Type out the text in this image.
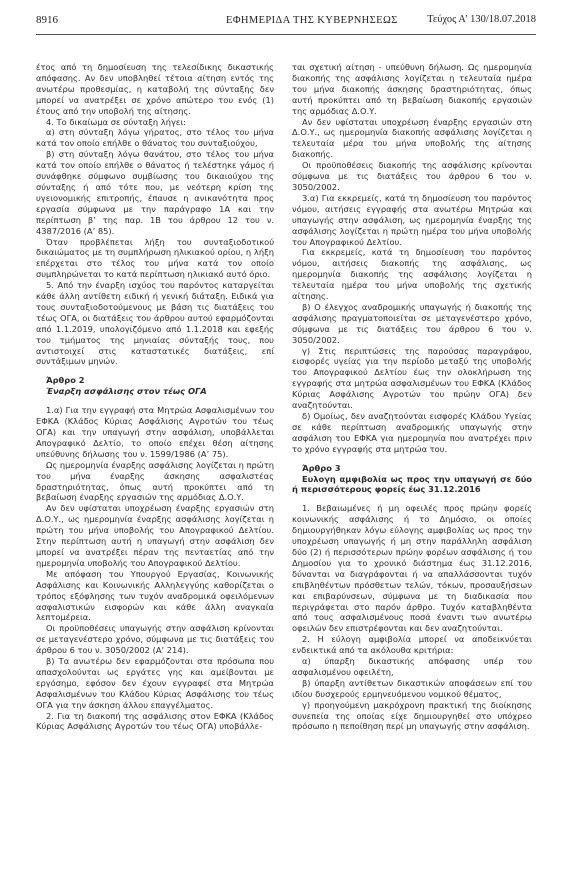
8916	ΕΦΗΜΕΡΙΔΑ ΤΗΣ ΚΥΒΕΡΝΗΣΕΩΣ	Τεύχος Α’ 130/18.07.2018

έτος από τη δημοσίευση της τελεσίδικης δικαστικής απόφασης. Αν δεν υποβληθεί τέτοια αίτηση εντός της ανωτέρω προθεσμίας, η καταβολή της σύνταξης δεν μπορεί να ανατρέξει σε χρόνο απώτερο του ενός (1) έτους από την υποβολή της αίτησης.

4. Το δικαίωμα σε σύνταξη λήγει:

α) στη σύνταξη λόγω γήρατος, στο τέλος του μήνα κατά τον οποίο επήλθε ο θάνατος του συνταξιούχου,

β) στη σύνταξη λόγω θανάτου, στο τέλος του μήνα κατά τον οποίο επήλθε ο θάνατος ή τελέστηκε γάμος ή συνάφθηκε σύμφωνο συμβίωσης του δικαιούχου της σύνταξης ή από τότε που, με νεότερη κρίση της υγειονομικής επιτροπής, έπαυσε η ανικανότητα προς εργασία σύμφωνα με την παράγραφο 1Α και την περίπτωση β’ της παρ. 1Β του άρθρου 12 του ν. 4387/2016 (Α’ 85).

Όταν προβλέπεται λήξη του συνταξιοδοτικού δικαιώματος με τη συμπλήρωση ηλικιακού ορίου, η λήξη επέρχεται στο τέλος του μήνα κατά τον οποίο συμπληρώνεται το κατά περίπτωση ηλικιακό αυτό όριο.

5. Από την έναρξη ισχύος του παρόντος καταργείται κάθε άλλη αντίθετη ειδική ή γενική διάταξη. Ειδικά για τους συνταξιοδοτούμενους με βάση τις διατάξεις του τέως ΟΓΑ, οι διατάξεις του άρθρου αυτού εφαρμόζονται από 1.1.2019, υπολογιζόμενο από 1.1.2018 και εφεξής του τμήματος της μηνιαίας σύνταξής τους, που αντιστοιχεί στις καταστατικές διατάξεις, επί συντάξιμων μηνών.

Άρθρο 2

Έναρξη ασφάλισης στον τέως ΟΓΑ

1.α) Για την εγγραφή στα Μητρώα Ασφαλισμένων του ΕΦΚΑ (Κλάδος Κύριας Ασφάλισης Αγροτών του τέως ΟΓΑ) και την υπαγωγή στην ασφάλιση, υποβάλλεται Απογραφικό Δελτίο, το οποίο επέχει θέση αίτησης υπεύθυνης δήλωσης του ν. 1599/1986 (Α’ 75).

Ως ημερομηνία έναρξης ασφάλισης λογίζεται η πρώτη του μήνα έναρξης άσκησης ασφαλιστέας δραστηριότητας, όπως αυτή προκύπτει από τη βεβαίωση έναρξης εργασιών της αρμόδιας Δ.Ο.Υ.

Αν δεν υφίσταται υποχρέωση έναρξης εργασιών στη Δ.Ο.Υ., ως ημερομηνία έναρξης ασφάλισης λογίζεται η πρώτη του μήνα υποβολής του Απογραφικού Δελτίου. Στην περίπτωση αυτή η υπαγωγή στην ασφάλιση δεν μπορεί να ανατρέξει πέραν της πενταετίας από την ημερομηνία υποβολής του Απογραφικού Δελτίου.

Με απόφαση του Υπουργού Εργασίας, Κοινωνικής Ασφάλισης και Κοινωνικής Αλληλεγγύης καθορίζεται ο τρόπος εξόφλησης των τυχόν αναδρομικά οφειλόμενων ασφαλιστικών εισφορών και κάθε άλλη αναγκαία λεπτομέρεια.

Οι προϋποθέσεις υπαγωγής στην ασφάλιση κρίνονται σε μεταγενέστερο χρόνο, σύμφωνα με τις διατάξεις του άρθρου 6 του ν. 3050/2002 (Α’ 214).

β) Τα ανωτέρω δεν εφαρμόζονται στα πρόσωπα που απασχολούνται ως εργάτες γης και αμείβονται με εργόσημο, εφόσον δεν έχουν εγγραφεί στα Μητρώα Ασφαλισμένων του Κλάδου Κύριας Ασφάλισης του τέως ΟΓΑ για την άσκηση άλλου επαγγέλματος.

2. Για τη διακοπή της ασφάλισης στον ΕΦΚΑ (Κλάδος Κύριας Ασφάλισης Αγροτών του τέως ΟΓΑ) υποβάλλε-

ται σχετική αίτηση - υπεύθυνη δήλωση. Ως ημερομηνία διακοπής της ασφάλισης λογίζεται η τελευταία ημέρα του μήνα διακοπής άσκησης δραστηριότητας, όπως αυτή προκύπτει από τη βεβαίωση διακοπής εργασιών της αρμόδιας Δ.Ο.Υ.

Αν δεν υφίσταται υποχρέωση έναρξης εργασιών στη Δ.Ο.Υ., ως ημερομηνία διακοπής ασφάλισης λογίζεται η τελευταία μέρα του μήνα υποβολής της αίτησης διακοπής.

Οι προϋποθέσεις διακοπής της ασφάλισης κρίνονται σύμφωνα με τις διατάξεις του άρθρου 6 του ν. 3050/2002.

3.α) Για εκκρεμείς, κατά τη δημοσίευση του παρόντος νόμου, αιτήσεις εγγραφής στα ανωτέρω Μητρώα και υπαγωγής στην ασφάλιση, ως ημερομηνία έναρξης της ασφάλισης λογίζεται η πρώτη ημέρα του μήνα υποβολής του Απογραφικού Δελτίου.

Για εκκρεμείς, κατά τη δημοσίευση του παρόντος νόμου, αιτήσεις διακοπής της ασφάλισης, ως ημερομηνία διακοπής της ασφάλισης λογίζεται η τελευταία ημέρα του μήνα υποβολής της σχετικής αίτησης.

β) Ο έλεγχος αναδρομικής υπαγωγής ή διακοπής της ασφάλισης πραγματοποιείται σε μεταγενέστερο χρόνο, σύμφωνα με τις διατάξεις του άρθρου 6 του ν. 3050/2002.

γ) Στις περιπτώσεις της παρούσας παραγράφου, εισφορές υγείας για την περίοδο μεταξύ της υποβολής του Απογραφικού Δελτίου έως την ολοκλήρωση της εγγραφής στα μητρώα ασφαλισμένων του ΕΦΚΑ (Κλάδος Κύριας Ασφάλισης Αγροτών του πρώην ΟΓΑ) δεν αναζητούνται.

δ) Ομοίως, δεν αναζητούνται εισφορές Κλάδου Υγείας σε κάθε περίπτωση αναδρομικής υπαγωγής στην ασφάλιση του ΕΦΚΑ για ημερομηνία που ανατρέχει πριν το χρόνο εγγραφής στα μητρώα του.

Άρθρο 3

Ευλογη αμφιβολία ως προς την υπαγωγή σε δύο ή περισσότερους φορείς έως 31.12.2016

1. Βεβαιωμένες ή μη οφειλές προς πρώην φορείς κοινωνικής ασφάλισης ή το Δημόσιο, οι οποίες δημιουργήθηκαν λόγω εύλογης αμφιβολίας ως προς την υποχρέωση υπαγωγής ή μη στην παράλληλη ασφάλιση δύο (2) ή περισσότερων πρώην φορέων ασφάλισης ή του Δημοσίου για το χρονικό διάστημα έως 31.12.2016, δύνανται να διαγράφονται ή να απαλλάσσονται τυχόν επιβληθέντων πρόσθετων τελών, τόκων, προσαυξήσεων και επιβαρύνσεων, σύμφωνα με τη διαδικασία που περιγράφεται στο παρόν άρθρο. Τυχόν καταβληθέντα από τους ασφαλισμένους ποσά έναντι των ανωτέρω οφειλών δεν επιστρέφονται και δεν αναζητούνται.

2. Η εύλογη αμφιβολία μπορεί να αποδεικνύεται ενδεικτικά από τα ακόλουθα κριτήρια:

α) ύπαρξη δικαστικής απόφασης υπέρ του ασφαλισμένου οφειλέτη,

β) ύπαρξη αντίθετων δικαστικών αποφάσεων επί του ιδίου δυσχερούς ερμηνευόμενου νομικού θέματος,

γ) προηγούμενη μακρόχρονη πρακτική της διοίκησης συνεπεία της οποίας είχε δημιουργηθεί στο υπόχρεο πρόσωπο η πεποίθηση περί μη υπαγωγής στην ασφάλιση.
